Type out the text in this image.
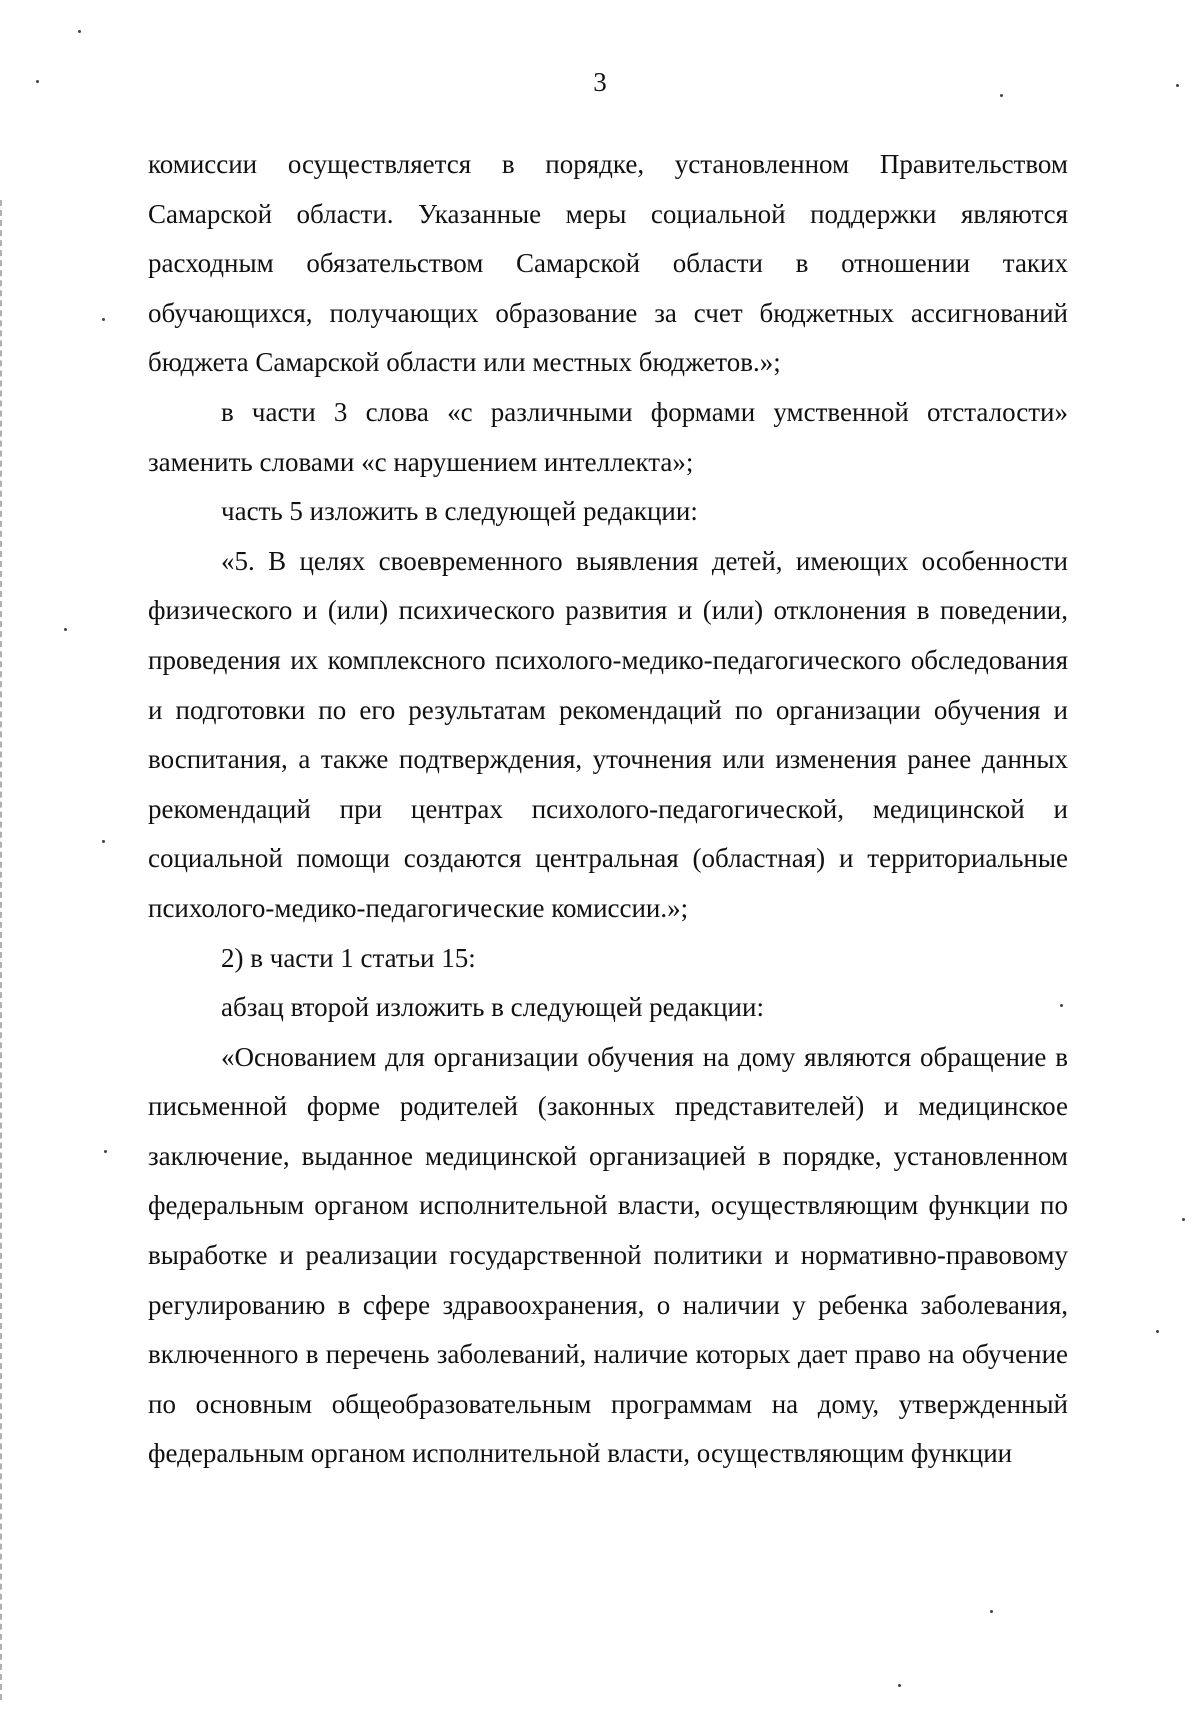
3

комиссии осуществляется в порядке, установленном Правительством Самарской области. Указанные меры социальной поддержки являются расходным обязательством Самарской области в отношении таких обучающихся, получающих образование за счет бюджетных ассигнований бюджета Самарской области или местных бюджетов.»;

в части 3 слова «с различными формами умственной отсталости» заменить словами «с нарушением интеллекта»;

часть 5 изложить в следующей редакции:

«5. В целях своевременного выявления детей, имеющих особенности физического и (или) психического развития и (или) отклонения в поведении, проведения их комплексного психолого-медико-педагогического обследования и подготовки по его результатам рекомендаций по организации обучения и воспитания, а также подтверждения, уточнения или изменения ранее данных рекомендаций при центрах психолого-педагогической, медицинской и социальной помощи создаются центральная (областная) и территориальные психолого-медико-педагогические комиссии.»;

2) в части 1 статьи 15:

абзац второй изложить в следующей редакции:

«Основанием для организации обучения на дому являются обращение в письменной форме родителей (законных представителей) и медицинское заключение, выданное медицинской организацией в порядке, установленном федеральным органом исполнительной власти, осуществляющим функции по выработке и реализации государственной политики и нормативно-правовому регулированию в сфере здравоохранения, о наличии у ребенка заболевания, включенного в перечень заболеваний, наличие которых дает право на обучение по основным общеобразовательным программам на дому, утвержденный федеральным органом исполнительной власти, осуществляющим функции
